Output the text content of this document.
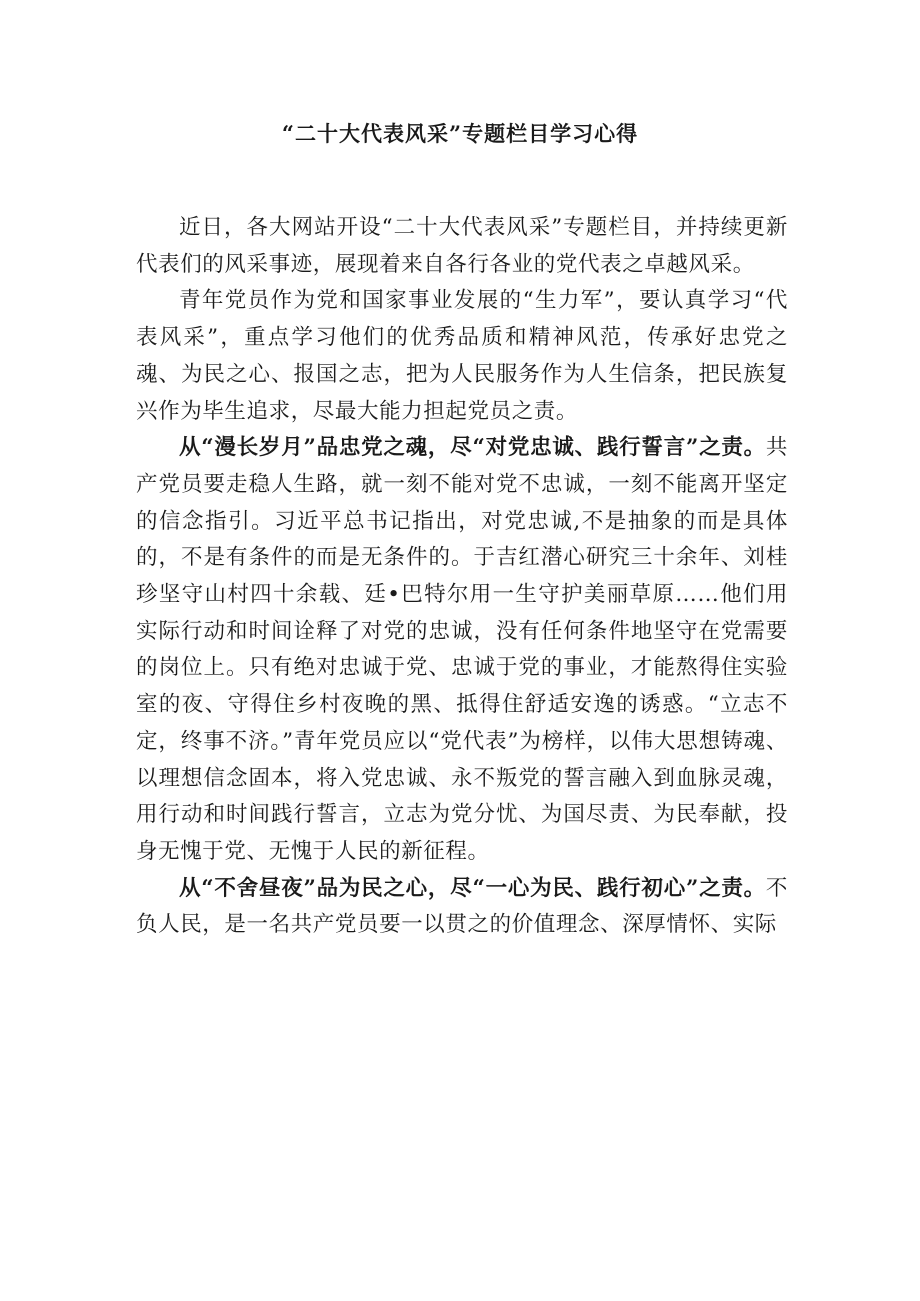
“二十大代表风采”专题栏目学习心得

近日，各大网站开设“二十大代表风采”专题栏目，并持续更新代表们的风采事迹，展现着来自各行各业的党代表之卓越风采。

青年党员作为党和国家事业发展的“生力军”，要认真学习“代表风采”，重点学习他们的优秀品质和精神风范，传承好忠党之魂、为民之心、报国之志，把为人民服务作为人生信条，把民族复兴作为毕生追求，尽最大能力担起党员之责。

从“漫长岁月”品忠党之魂，尽“对党忠诚、践行誓言”之责。共产党员要走稳人生路，就一刻不能对党不忠诚，一刻不能离开坚定的信念指引。习近平总书记指出，对党忠诚,不是抽象的而是具体的，不是有条件的而是无条件的。于吉红潜心研究三十余年、刘桂珍坚守山村四十余载、廷•巴特尔用一生守护美丽草原……他们用实际行动和时间诠释了对党的忠诚，没有任何条件地坚守在党需要的岗位上。只有绝对忠诚于党、忠诚于党的事业，才能熬得住实验室的夜、守得住乡村夜晚的黑、抵得住舒适安逸的诱惑。“立志不定，终事不济。”青年党员应以“党代表”为榜样，以伟大思想铸魂、以理想信念固本，将入党忠诚、永不叛党的誓言融入到血脉灵魂，用行动和时间践行誓言，立志为党分忧、为国尽责、为民奉献，投身无愧于党、无愧于人民的新征程。

从“不舍昼夜”品为民之心，尽“一心为民、践行初心”之责。不负人民，是一名共产党员要一以贯之的价值理念、深厚情怀、实际
